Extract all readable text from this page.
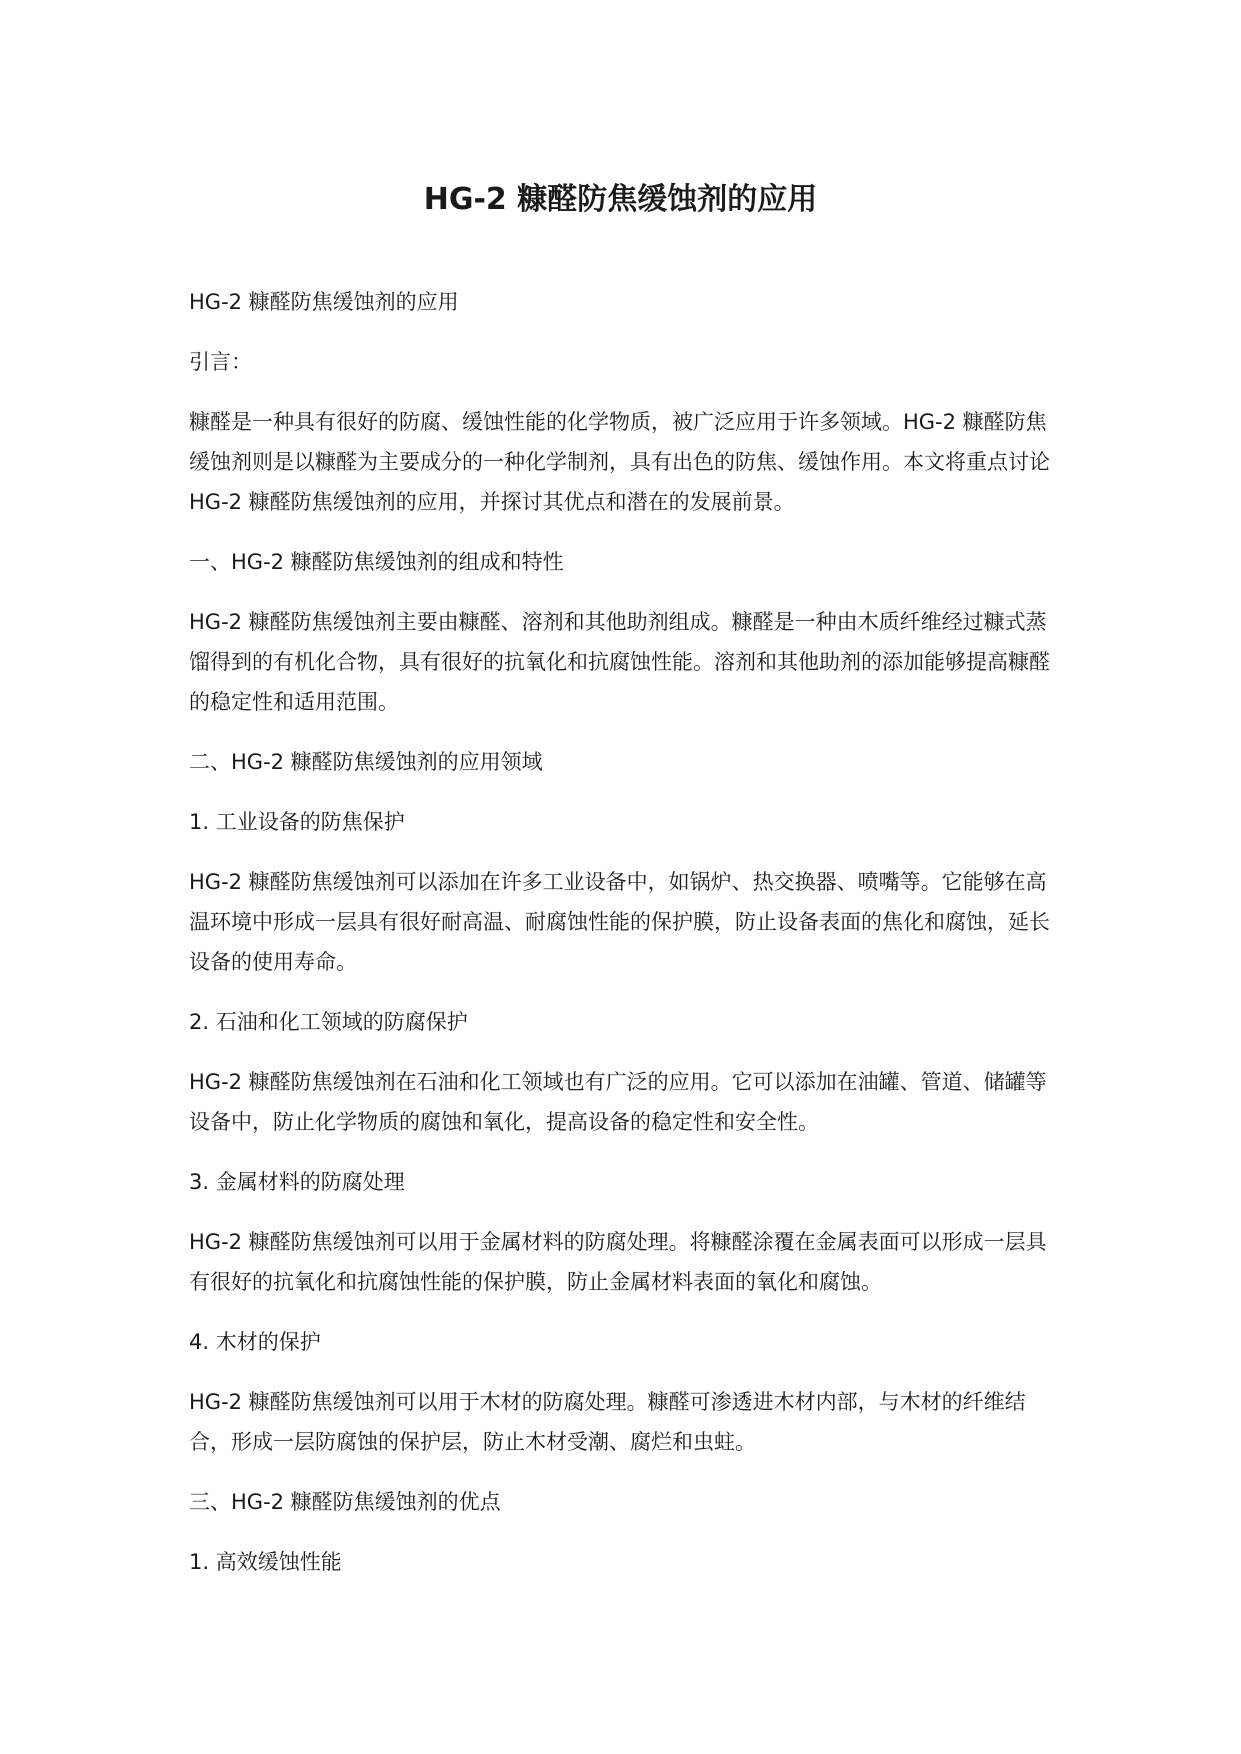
HG-2 糠醛防焦缓蚀剂的应用

HG-2 糠醛防焦缓蚀剂的应用

引言：

糠醛是一种具有很好的防腐、缓蚀性能的化学物质，被广泛应用于许多领域。HG-2 糠醛防焦缓蚀剂则是以糠醛为主要成分的一种化学制剂，具有出色的防焦、缓蚀作用。本文将重点讨论 HG-2 糠醛防焦缓蚀剂的应用，并探讨其优点和潜在的发展前景。

一、HG-2 糠醛防焦缓蚀剂的组成和特性

HG-2 糠醛防焦缓蚀剂主要由糠醛、溶剂和其他助剂组成。糠醛是一种由木质纤维经过糠式蒸馏得到的有机化合物，具有很好的抗氧化和抗腐蚀性能。溶剂和其他助剂的添加能够提高糠醛的稳定性和适用范围。

二、HG-2 糠醛防焦缓蚀剂的应用领域

1. 工业设备的防焦保护

HG-2 糠醛防焦缓蚀剂可以添加在许多工业设备中，如锅炉、热交换器、喷嘴等。它能够在高温环境中形成一层具有很好耐高温、耐腐蚀性能的保护膜，防止设备表面的焦化和腐蚀，延长设备的使用寿命。

2. 石油和化工领域的防腐保护

HG-2 糠醛防焦缓蚀剂在石油和化工领域也有广泛的应用。它可以添加在油罐、管道、储罐等设备中，防止化学物质的腐蚀和氧化，提高设备的稳定性和安全性。

3. 金属材料的防腐处理

HG-2 糠醛防焦缓蚀剂可以用于金属材料的防腐处理。将糠醛涂覆在金属表面可以形成一层具有很好的抗氧化和抗腐蚀性能的保护膜，防止金属材料表面的氧化和腐蚀。

4. 木材的保护

HG-2 糠醛防焦缓蚀剂可以用于木材的防腐处理。糠醛可渗透进木材内部，与木材的纤维结合，形成一层防腐蚀的保护层，防止木材受潮、腐烂和虫蛀。

三、HG-2 糠醛防焦缓蚀剂的优点

1. 高效缓蚀性能
